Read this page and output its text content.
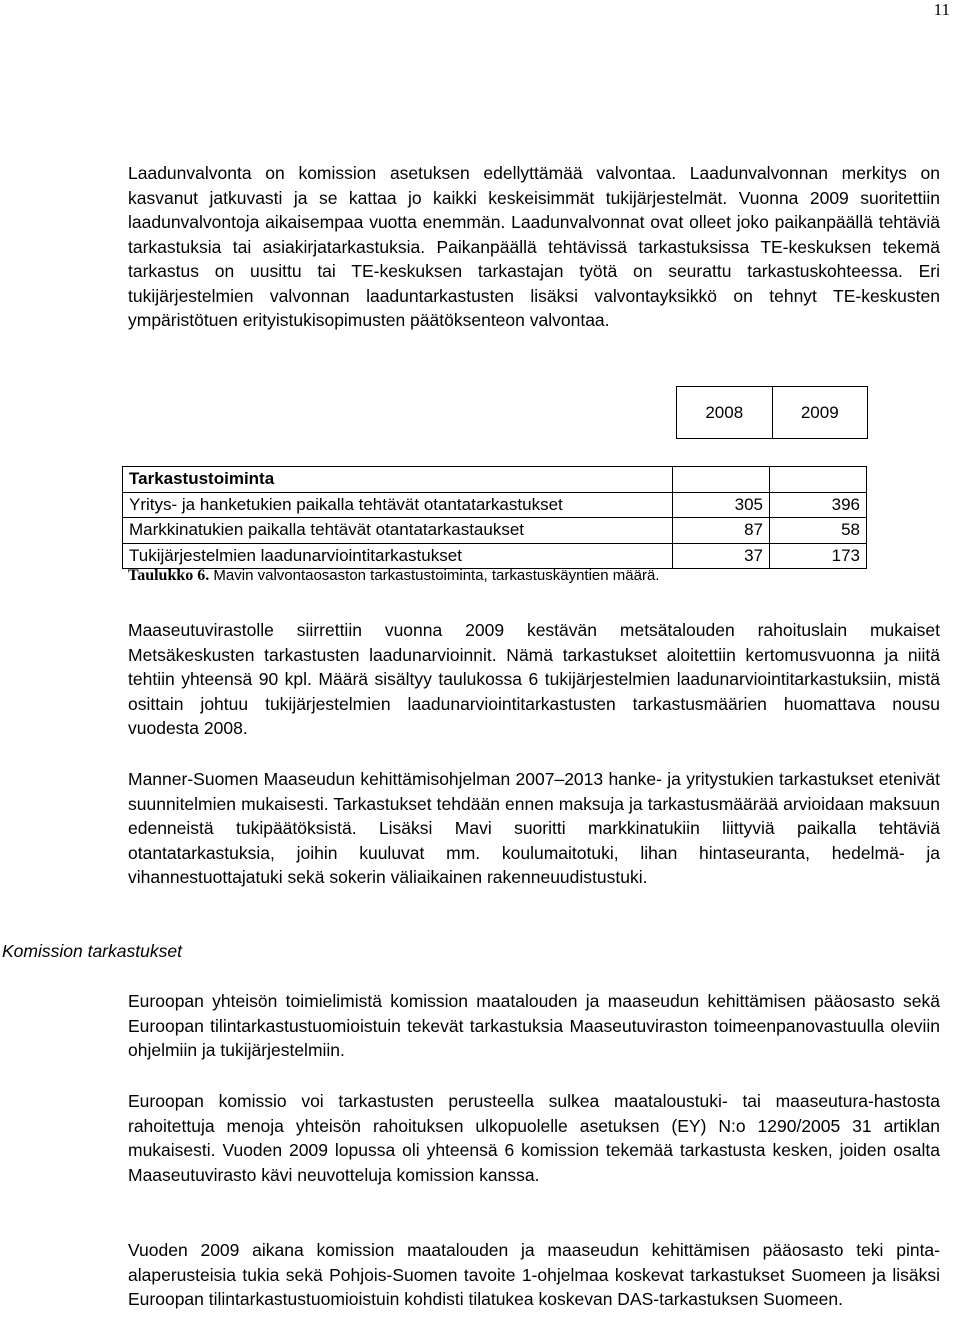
11

Laadunvalvonta on komission asetuksen edellyttämää valvontaa. Laadunvalvonnan merkitys on kasvanut jatkuvasti ja se kattaa jo kaikki keskeisimmät tukijärjestelmät. Vuonna 2009 suoritettiin laadunvalvontoja aikaisempaa vuotta enemmän. Laadunvalvonnat ovat olleet joko paikanpäällä tehtäviä tarkastuksia tai asiakirjatarkastuksia. Paikanpäällä tehtävissä tarkastuksissa TE-keskuksen tekemä tarkastus on uusittu tai TE-keskuksen tarkastajan työtä on seurattu tarkastuskohteessa. Eri tukijärjestelmien valvonnan laaduntarkastusten lisäksi valvontayksikkö on tehnyt TE-keskusten ympäristötuen erityistukisopimusten päätöksenteon valvontaa.

2008	2009
Tarkastustoiminta		
Yritys- ja hanketukien paikalla tehtävät otantatarkastukset	305	396
Markkinatukien paikalla tehtävät otantatarkastaukset	87	58
Tukijärjestelmien laadunarviointitarkastukset	37	173

Taulukko 6. Mavin valvontaosaston tarkastustoiminta, tarkastuskäyntien määrä.

Maaseutuvirastolle siirrettiin vuonna 2009 kestävän metsätalouden rahoituslain mukaiset Metsäkeskusten tarkastusten laadunarvioinnit. Nämä tarkastukset aloitettiin kertomusvuonna ja niitä tehtiin yhteensä 90 kpl. Määrä sisältyy taulukossa 6 tukijärjestelmien laadunarviointitarkastuksiin, mistä osittain johtuu tukijärjestelmien laadunarviointitarkastusten tarkastusmäärien huomattava nousu vuodesta 2008.

Manner-Suomen Maaseudun kehittämisohjelman 2007–2013 hanke- ja yritystukien tarkastukset etenivät suunnitelmien mukaisesti. Tarkastukset tehdään ennen maksuja ja tarkastusmäärää arvioidaan maksuun edenneistä tukipäätöksistä. Lisäksi Mavi suoritti markkinatukiin liittyviä paikalla tehtäviä otantatarkastuksia, joihin kuuluvat mm. koulumaitotuki, lihan hintaseuranta, hedelmä- ja vihannestuottajatuki sekä sokerin väliaikainen rakenneuudistustuki.

Komission tarkastukset

Euroopan yhteisön toimielimistä komission maatalouden ja maaseudun kehittämisen pääosasto sekä Euroopan tilintarkastustuomioistuin tekevät tarkastuksia Maaseutuviraston toimeenpanovastuulla oleviin ohjelmiin ja tukijärjestelmiin.

Euroopan komissio voi tarkastusten perusteella sulkea maataloustuki- tai maaseutura-hastosta rahoitettuja menoja yhteisön rahoituksen ulkopuolelle asetuksen (EY) N:o 1290/2005 31 artiklan mukaisesti. Vuoden 2009 lopussa oli yhteensä 6 komission tekemää tarkastusta kesken, joiden osalta Maaseutuvirasto kävi neuvotteluja komission kanssa.

Vuoden 2009 aikana komission maatalouden ja maaseudun kehittämisen pääosasto teki pinta-alaperusteisia tukia sekä Pohjois-Suomen tavoite 1-ohjelmaa koskevat tarkastukset Suomeen ja lisäksi Euroopan tilintarkastustuomioistuin kohdisti tilatukea koskevan DAS-tarkastuksen Suomeen.
